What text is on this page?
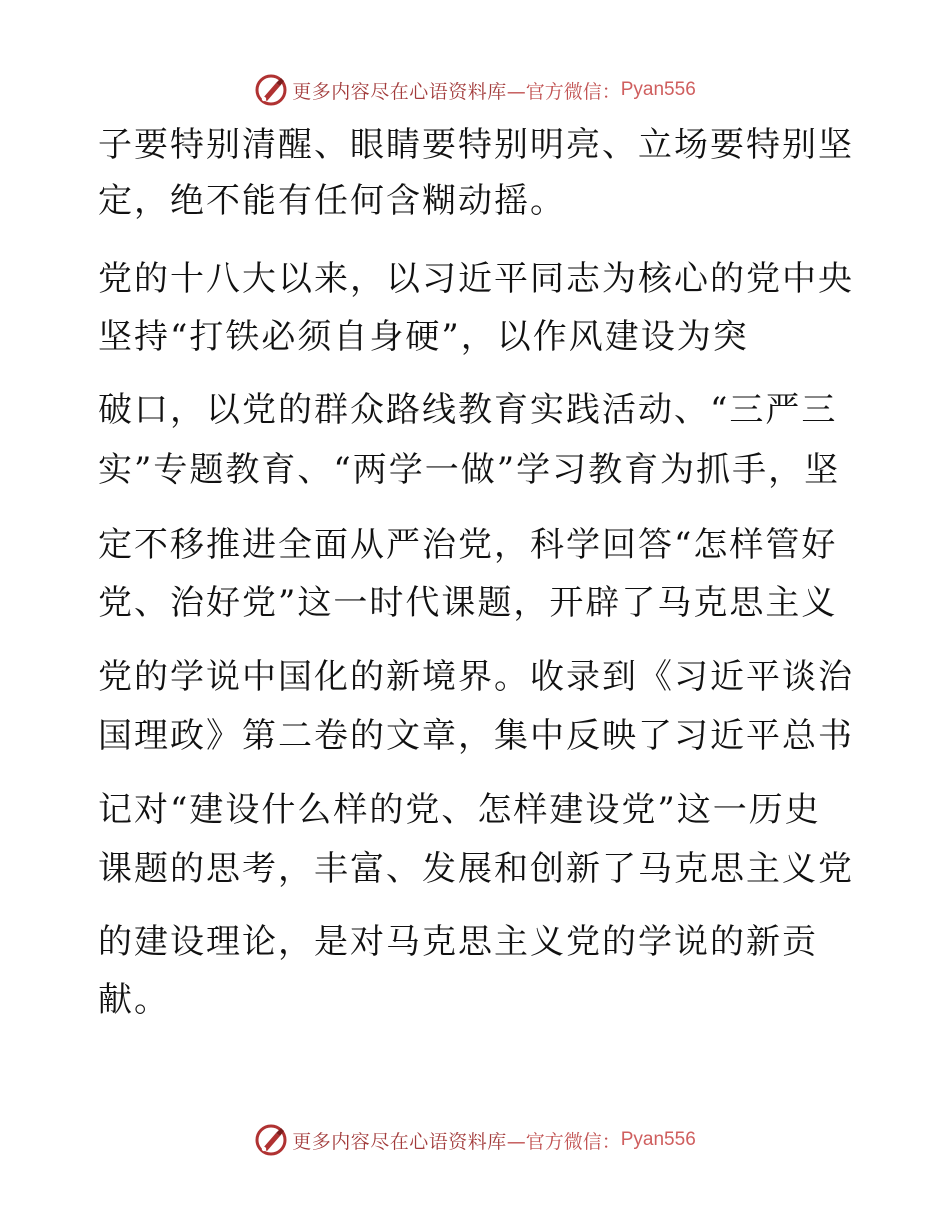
更多内容尽在心语资料库 —官方微信： Pyan556
子要特别清醒、眼睛要特别明亮、立场要特别坚
定，绝不能有任何含糊动摇。
党的十八大以来，以习近平同志为核心的党中央
坚持“打铁必须自身硬”，以作风建设为突
破口，以党的群众路线教育实践活动、“三严三
实”专题教育、“两学一做”学习教育为抓手，坚
定不移推进全面从严治党，科学回答“怎样管好
党、治好党”这一时代课题，开辟了马克思主义
党的学说中国化的新境界。收录到《习近平谈治
国理政》第二卷的文章，集中反映了习近平总书
记对“建设什么样的党、怎样建设党”这一历史
课题的思考，丰富、发展和创新了马克思主义党
的建设理论，是对马克思主义党的学说的新贡
献。
更多内容尽在心语资料库 —官方微信： Pyan556
